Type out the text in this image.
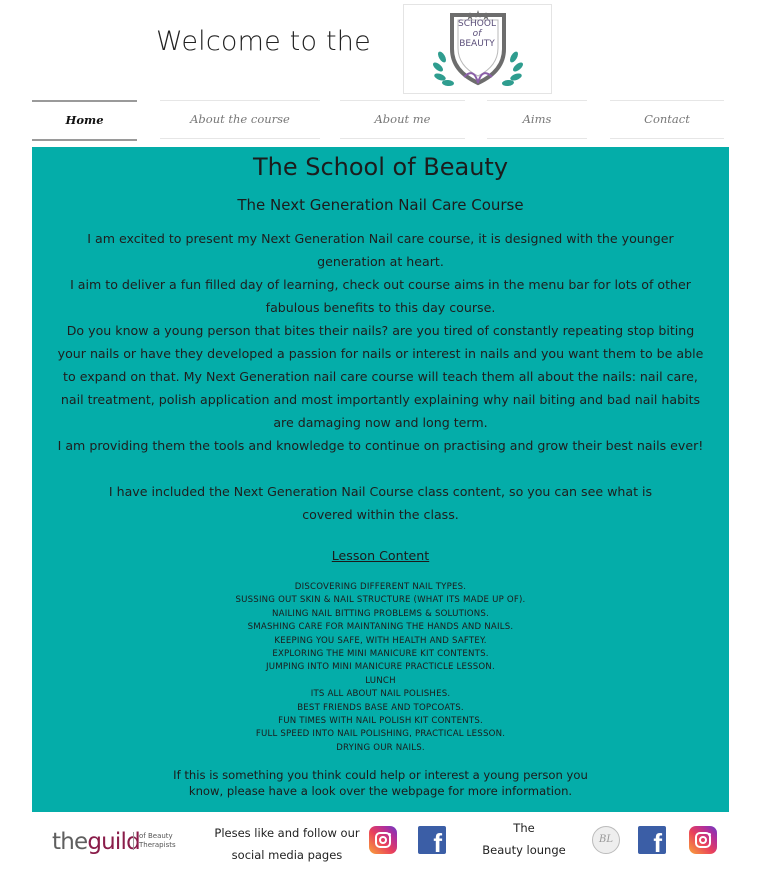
Welcome to the
SCHOOL
of
BEAUTY
Home	About the course	About me	Aims	Contact
The School of Beauty
The Next Generation Nail Care Course

I am excited to present my Next Generation Nail care course, it is designed with the younger generation at heart.

I aim to deliver a fun filled day of learning, check out course aims in the menu bar for lots of other fabulous benefits to this day course.

Do you know a young person that bites their nails? are you tired of constantly repeating stop biting your nails or have they developed a passion for nails or interest in nails and you want them to be able to expand on that. My Next Generation nail care course will teach them all about the nails: nail care, nail treatment, polish application and most importantly explaining why nail biting and bad nail habits are damaging now and long term.

I am providing them the tools and knowledge to continue on practising and grow their best nails ever!

I have included the Next Generation Nail Course class content, so you can see what is covered within the class.

Lesson Content
DISCOVERING DIFFERENT NAIL TYPES.
SUSSING OUT SKIN & NAIL STRUCTURE (WHAT ITS MADE UP OF).
NAILING NAIL BITTING PROBLEMS & SOLUTIONS.
SMASHING CARE FOR MAINTANING THE HANDS AND NAILS.
KEEPING YOU SAFE, WITH HEALTH AND SAFTEY.
EXPLORING THE MINI MANICURE KIT CONTENTS.
JUMPING INTO MINI MANICURE PRACTICLE LESSON.
LUNCH
ITS ALL ABOUT NAIL POLISHES.
BEST FRIENDS BASE AND TOPCOATS.
FUN TIMES WITH NAIL POLISH KIT CONTENTS.
FULL SPEED INTO NAIL POLISHING, PRACTICAL LESSON.
DRYING OUR NAILS.
If this is something you think could help or interest a young person you know, please have a look over the webpage for more information.
theguild of Beauty
Therapists
Pleses like and follow our
social media pages	f	The
Beauty lounge
BL	f
